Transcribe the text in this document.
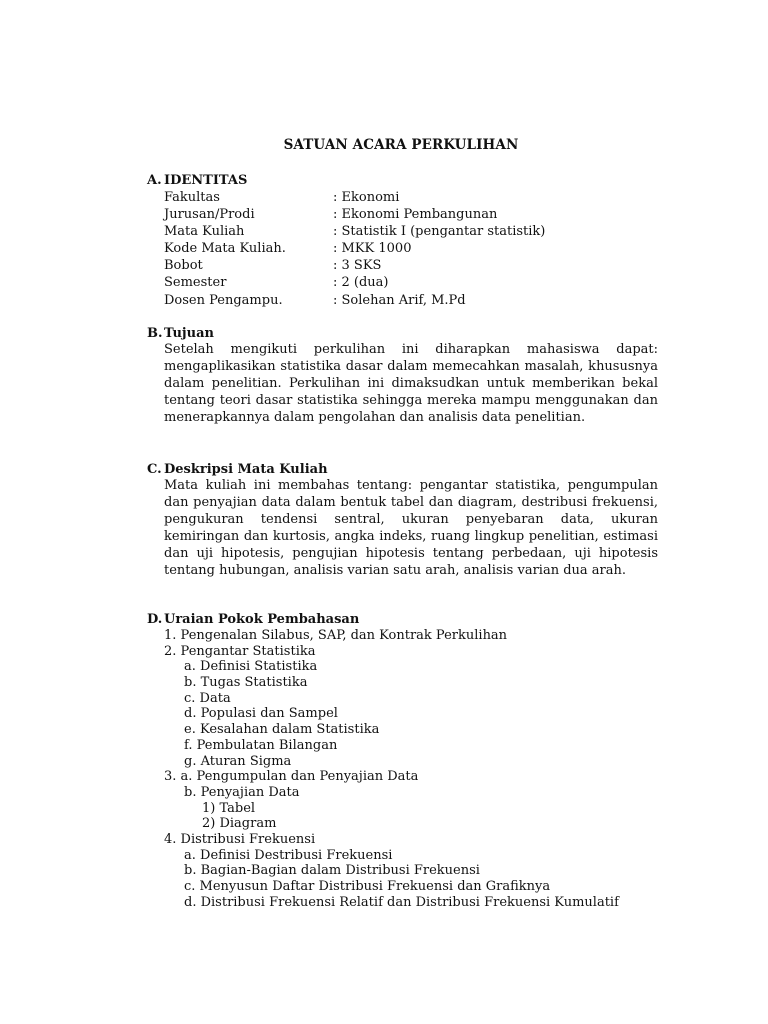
SATUAN ACARA PERKULIHAN
A. IDENTITAS
Fakultas	: Ekonomi
Jurusan/Prodi	: Ekonomi Pembangunan
Mata Kuliah	: Statistik I (pengantar statistik)
Kode Mata Kuliah.	: MKK 1000
Bobot	: 3 SKS
Semester	: 2 (dua)
Dosen Pengampu.	: Solehan Arif, M.Pd
B.Tujuan
Setelah mengikuti perkulihan ini diharapkan mahasiswa dapat: mengaplikasikan statistika dasar dalam memecahkan masalah, khususnya dalam penelitian. Perkulihan ini dimaksudkan untuk memberikan bekal tentang teori dasar statistika sehingga mereka mampu menggunakan dan menerapkannya dalam pengolahan dan analisis data penelitian.
C. Deskripsi Mata Kuliah
Mata kuliah ini membahas tentang: pengantar statistika, pengumpulan dan penyajian data dalam bentuk tabel dan diagram, destribusi frekuensi, pengukuran tendensi sentral, ukuran penyebaran data, ukuran kemiringan dan kurtosis, angka indeks, ruang lingkup penelitian, estimasi dan uji hipotesis, pengujian hipotesis tentang perbedaan, uji hipotesis tentang hubungan, analisis varian satu arah, analisis varian dua arah.
D. Uraian Pokok Pembahasan
1. Pengenalan Silabus, SAP, dan Kontrak Perkulihan
2. Pengantar Statistika
a. Definisi Statistika
b. Tugas Statistika
c. Data
d. Populasi dan Sampel
e. Kesalahan dalam Statistika
f. Pembulatan Bilangan
g. Aturan Sigma
3. a. Pengumpulan dan Penyajian Data
b. Penyajian Data
1) Tabel
2) Diagram
4. Distribusi Frekuensi
a. Definisi Destribusi Frekuensi
b. Bagian-Bagian dalam Distribusi Frekuensi
c. Menyusun Daftar Distribusi Frekuensi dan Grafiknya
d. Distribusi Frekuensi Relatif dan Distribusi Frekuensi Kumulatif
